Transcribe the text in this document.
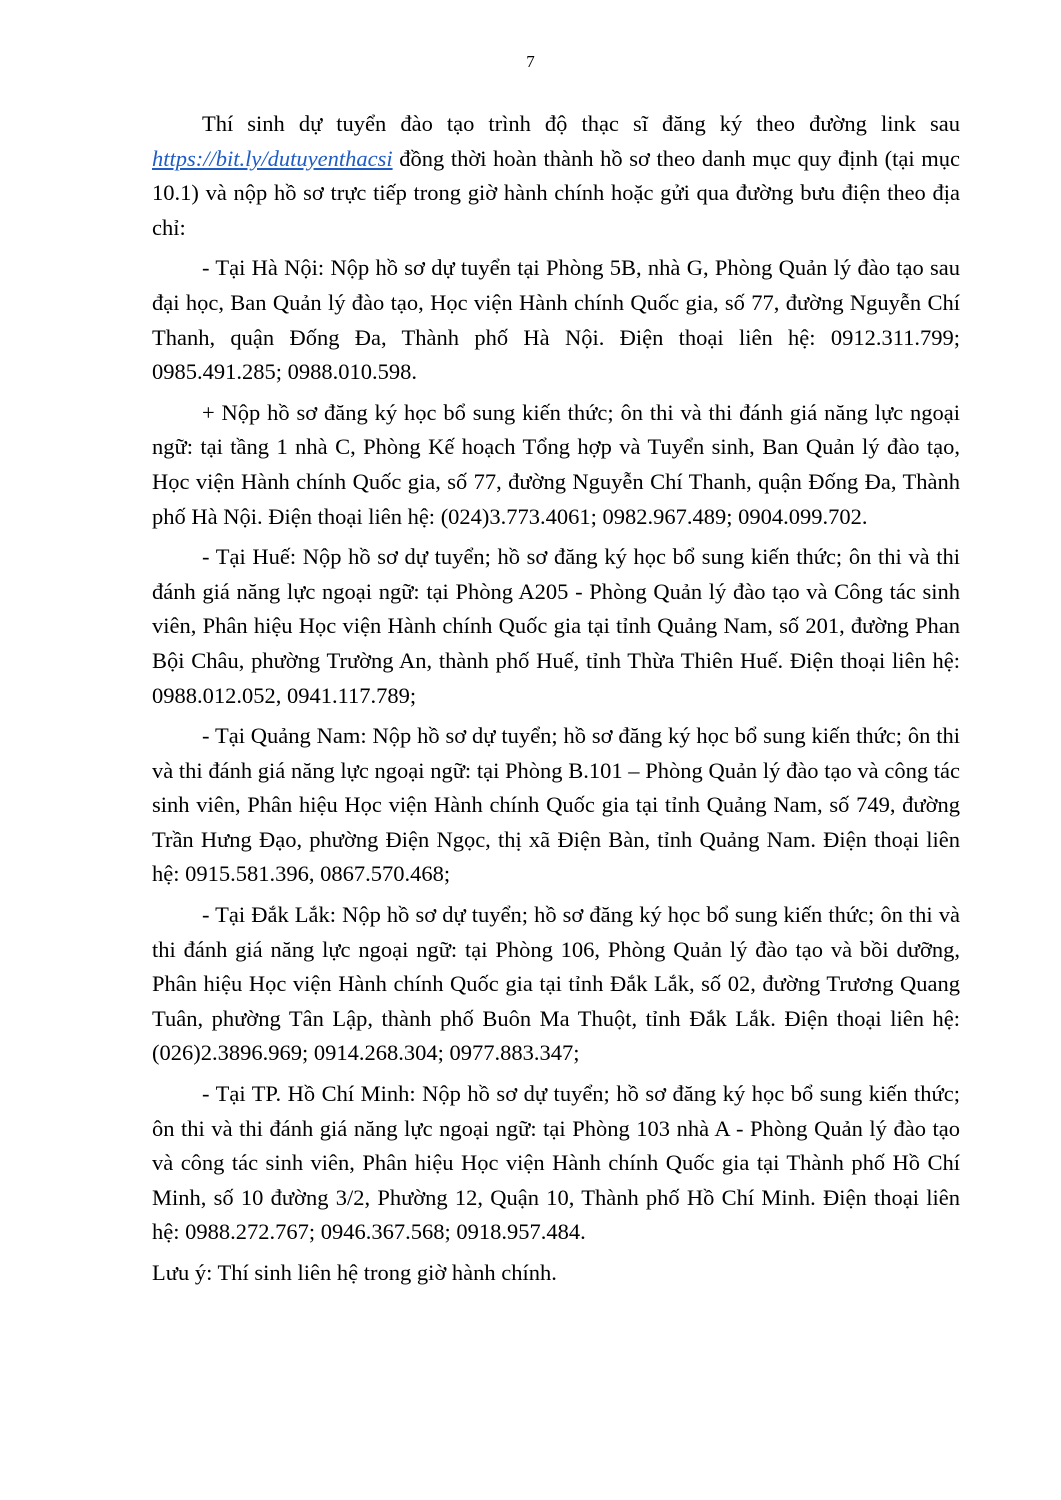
7

Thí sinh dự tuyển đào tạo trình độ thạc sĩ đăng ký theo đường link sau https://bit.ly/dutuyenthacsi đồng thời hoàn thành hồ sơ theo danh mục quy định (tại mục 10.1) và nộp hồ sơ trực tiếp trong giờ hành chính hoặc gửi qua đường bưu điện theo địa chỉ:

- Tại Hà Nội: Nộp hồ sơ dự tuyển tại Phòng 5B, nhà G, Phòng Quản lý đào tạo sau đại học, Ban Quản lý đào tạo, Học viện Hành chính Quốc gia, số 77, đường Nguyễn Chí Thanh, quận Đống Đa, Thành phố Hà Nội. Điện thoại liên hệ: 0912.311.799; 0985.491.285; 0988.010.598.

+ Nộp hồ sơ đăng ký học bổ sung kiến thức; ôn thi và thi đánh giá năng lực ngoại ngữ: tại tầng 1 nhà C, Phòng Kế hoạch Tổng hợp và Tuyển sinh, Ban Quản lý đào tạo, Học viện Hành chính Quốc gia, số 77, đường Nguyễn Chí Thanh, quận Đống Đa, Thành phố Hà Nội. Điện thoại liên hệ: (024)3.773.4061; 0982.967.489; 0904.099.702.

- Tại Huế: Nộp hồ sơ dự tuyển; hồ sơ đăng ký học bổ sung kiến thức; ôn thi và thi đánh giá năng lực ngoại ngữ: tại Phòng A205 - Phòng Quản lý đào tạo và Công tác sinh viên, Phân hiệu Học viện Hành chính Quốc gia tại tỉnh Quảng Nam, số 201, đường Phan Bội Châu, phường Trường An, thành phố Huế, tỉnh Thừa Thiên Huế. Điện thoại liên hệ: 0988.012.052, 0941.117.789;

- Tại Quảng Nam: Nộp hồ sơ dự tuyển; hồ sơ đăng ký học bổ sung kiến thức; ôn thi và thi đánh giá năng lực ngoại ngữ: tại Phòng B.101 – Phòng Quản lý đào tạo và công tác sinh viên, Phân hiệu Học viện Hành chính Quốc gia tại tỉnh Quảng Nam, số 749, đường Trần Hưng Đạo, phường Điện Ngọc, thị xã Điện Bàn, tỉnh Quảng Nam. Điện thoại liên hệ: 0915.581.396, 0867.570.468;

- Tại Đắk Lắk: Nộp hồ sơ dự tuyển; hồ sơ đăng ký học bổ sung kiến thức; ôn thi và thi đánh giá năng lực ngoại ngữ: tại Phòng 106, Phòng Quản lý đào tạo và bồi dưỡng, Phân hiệu Học viện Hành chính Quốc gia tại tỉnh Đắk Lắk, số 02, đường Trương Quang Tuân, phường Tân Lập, thành phố Buôn Ma Thuột, tỉnh Đắk Lắk. Điện thoại liên hệ: (026)2.3896.969; 0914.268.304; 0977.883.347;

- Tại TP. Hồ Chí Minh: Nộp hồ sơ dự tuyển; hồ sơ đăng ký học bổ sung kiến thức; ôn thi và thi đánh giá năng lực ngoại ngữ: tại Phòng 103 nhà A - Phòng Quản lý đào tạo và công tác sinh viên, Phân hiệu Học viện Hành chính Quốc gia tại Thành phố Hồ Chí Minh, số 10 đường 3/2, Phường 12, Quận 10, Thành phố Hồ Chí Minh. Điện thoại liên hệ: 0988.272.767; 0946.367.568; 0918.957.484.

Lưu ý: Thí sinh liên hệ trong giờ hành chính.
